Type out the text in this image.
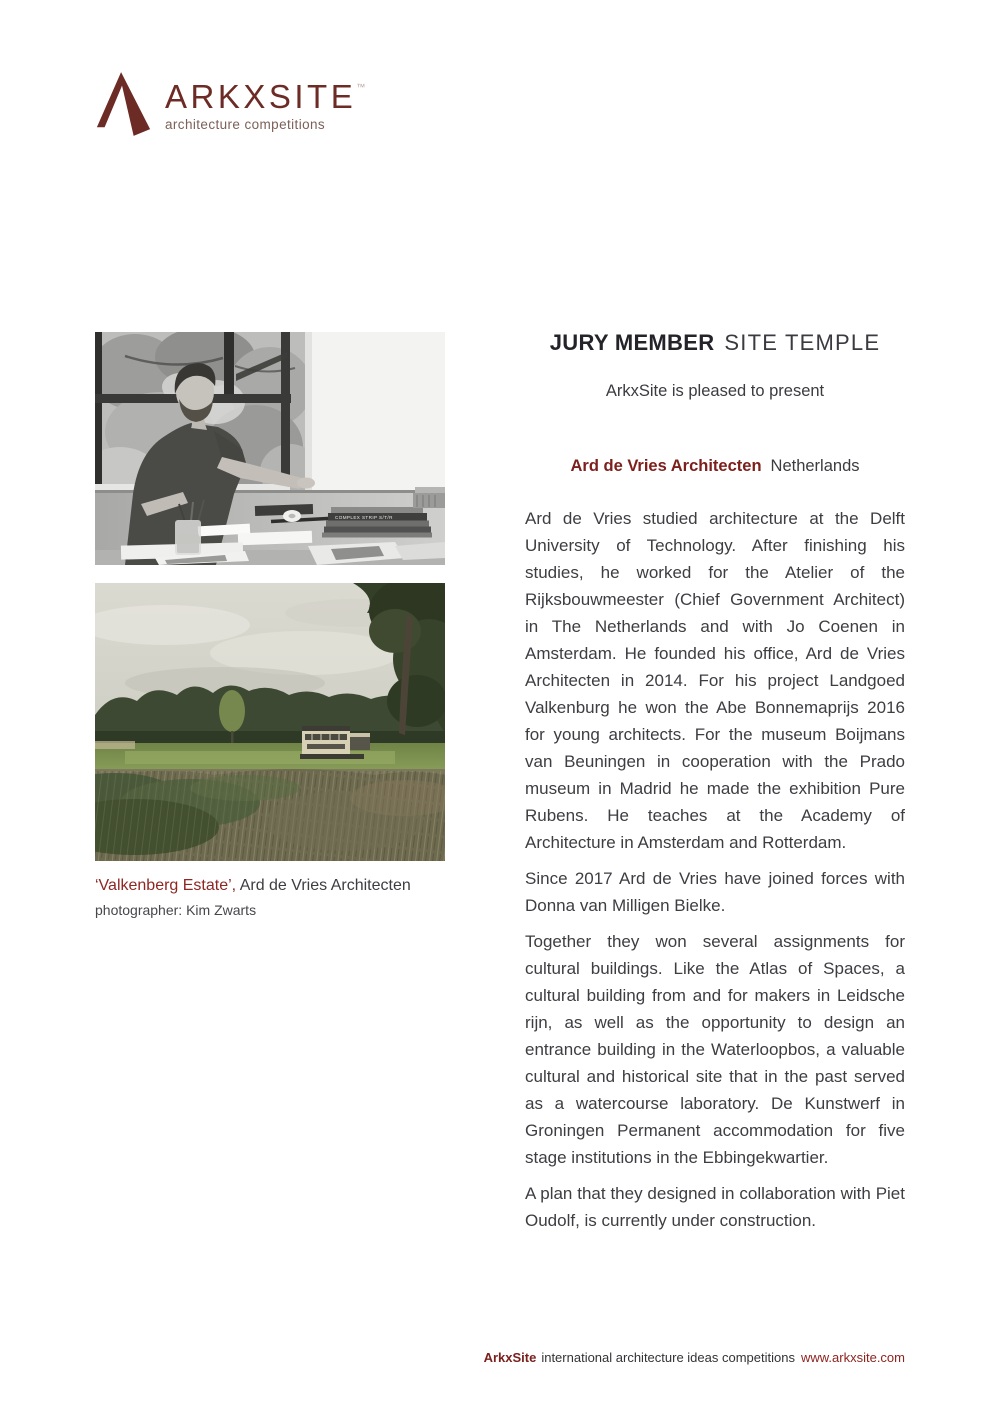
ARKXSITE™
architecture competitions
COMPLEX STRIP S/T/R
‘Valkenberg Estate’, Ard de Vries Architecten
photographer: Kim Zwarts
JURY MEMBER SITE TEMPLE
ArkxSite is pleased to present
Ard de Vries Architecten Netherlands

Ard de Vries studied architecture at the Delft University of Technology. After finishing his studies, he worked for the Atelier of the Rijksbouwmeester (Chief Government Architect) in The Netherlands and with Jo Coenen in Amsterdam. He founded his office, Ard de Vries Architecten in 2014. For his project Landgoed Valkenburg he won the Abe Bonnemaprijs 2016 for young architects. For the museum Boijmans van Beuningen in cooperation with the Prado museum in Madrid he made the exhibition Pure Rubens. He teaches at the Academy of Architecture in Amsterdam and Rotterdam.

Since 2017 Ard de Vries have joined forces with Donna van Milligen Bielke.

Together they won several assignments for cultural buildings. Like the Atlas of Spaces, a cultural building from and for makers in Leidsche rijn, as well as the opportunity to design an entrance building in the Waterloopbos, a valuable cultural and historical site that in the past served as a watercourse laboratory. De Kunstwerf in Groningen Permanent accommodation for five stage institutions in the Ebbingekwartier.

A plan that they designed in collaboration with Piet Oudolf, is currently under construction.

ArkxSite international architecture ideas competitions www.arkxsite.com
